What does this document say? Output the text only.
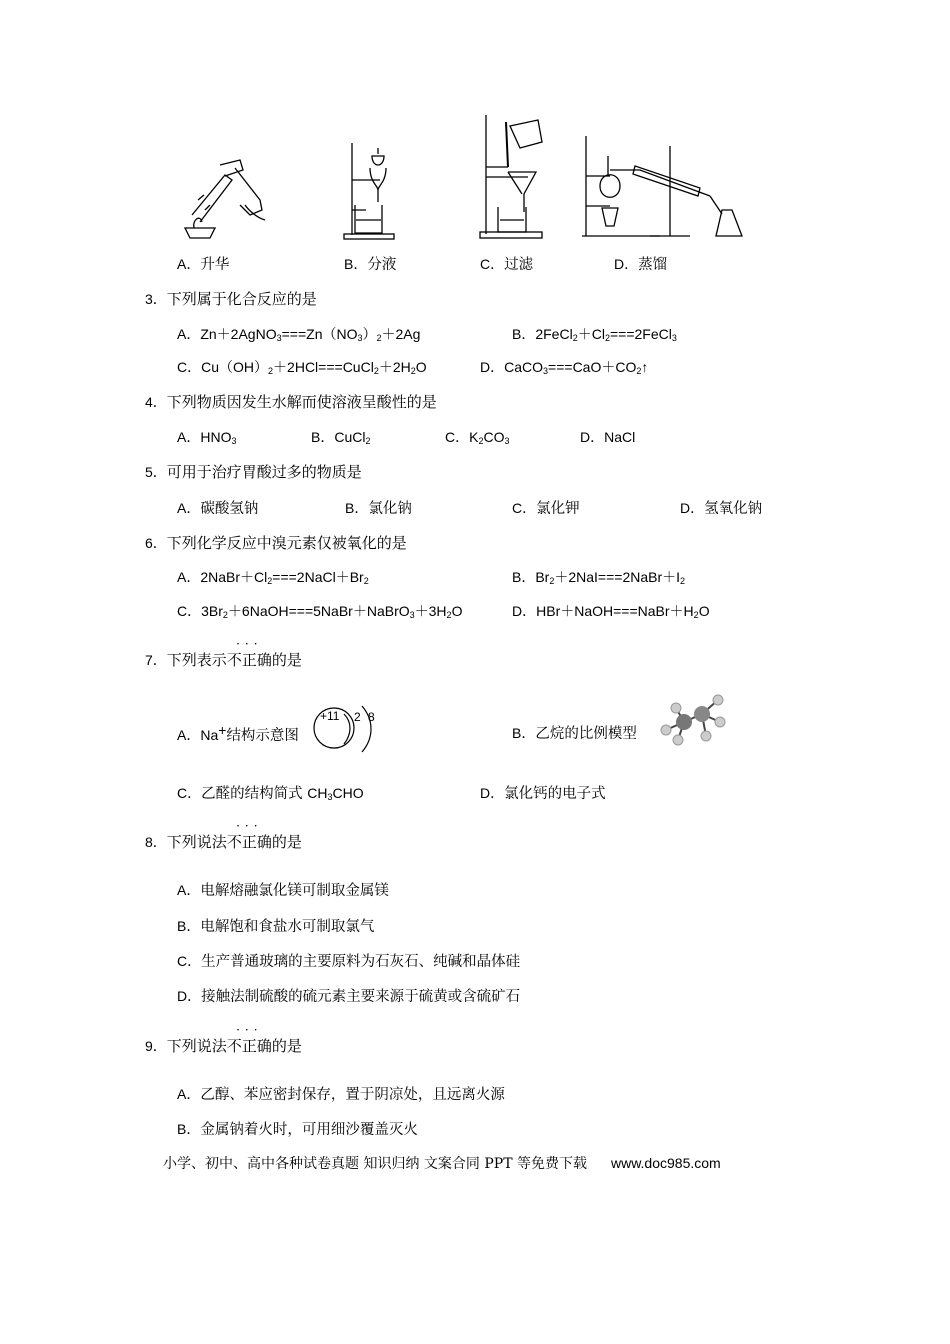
A．升华	B．分液	C．过滤	D．蒸馏
3．下列属于化合反应的是
A．$Zn+2AgNO_3===Zn(NO_3)_2+2Ag$	B．$2FeCl_2+Cl_2===2FeCl_3$
C．$Cu(OH)_2+2HCl===CuCl_2+2H_2O$	D．$CaCO_3===CaO+CO_2↑$
4．下列物质因发生水解而使溶液呈酸性的是
A．$HNO_3$	B．CuCl$_2$	C．$K_2CO_3$	D．NaCl
5．可用于治疗胃酸过多的物质是
A．碳酸氢钠	B．氯化钠	C．氯化钾	D．氢氧化钠
6．下列化学反应中溴元素仅被氧化的是
A．$2NaBr+Cl_2===2NaCl+Br_2$	B．$Br_2+2NaI===2NaBr+I_2$
C．$3Br_2+6NaOH===5NaBr+NaBrO_3+3H_2O$	D．$HBr+NaOH===NaBr+H_2O$
7．下列表示
···
不正确的是
A．Na+结构示意图
+11 2 8
B．乙烷的比例模型
C．乙醛的结构简式 $CH_3CHO$	D．氯化钙的电子式
8．下列说法
···
不正确的是
A．电解熔融氯化镁可制取金属镁
B．电解饱和食盐水可制取氯气
C．生产普通玻璃的主要原料为石灰石、纯碱和晶体硅
D．接触法制硫酸的硫元素主要来源于硫黄或含硫矿石
9．下列说法
···
不正确的是
A．乙醇、苯应密封保存，置于阴凉处，且远离火源
B．金属钠着火时，可用细沙覆盖灭火
小学、初中、高中各种试卷真题 知识归纳 文案合同 PPT 等免费下载 www.doc985.com
